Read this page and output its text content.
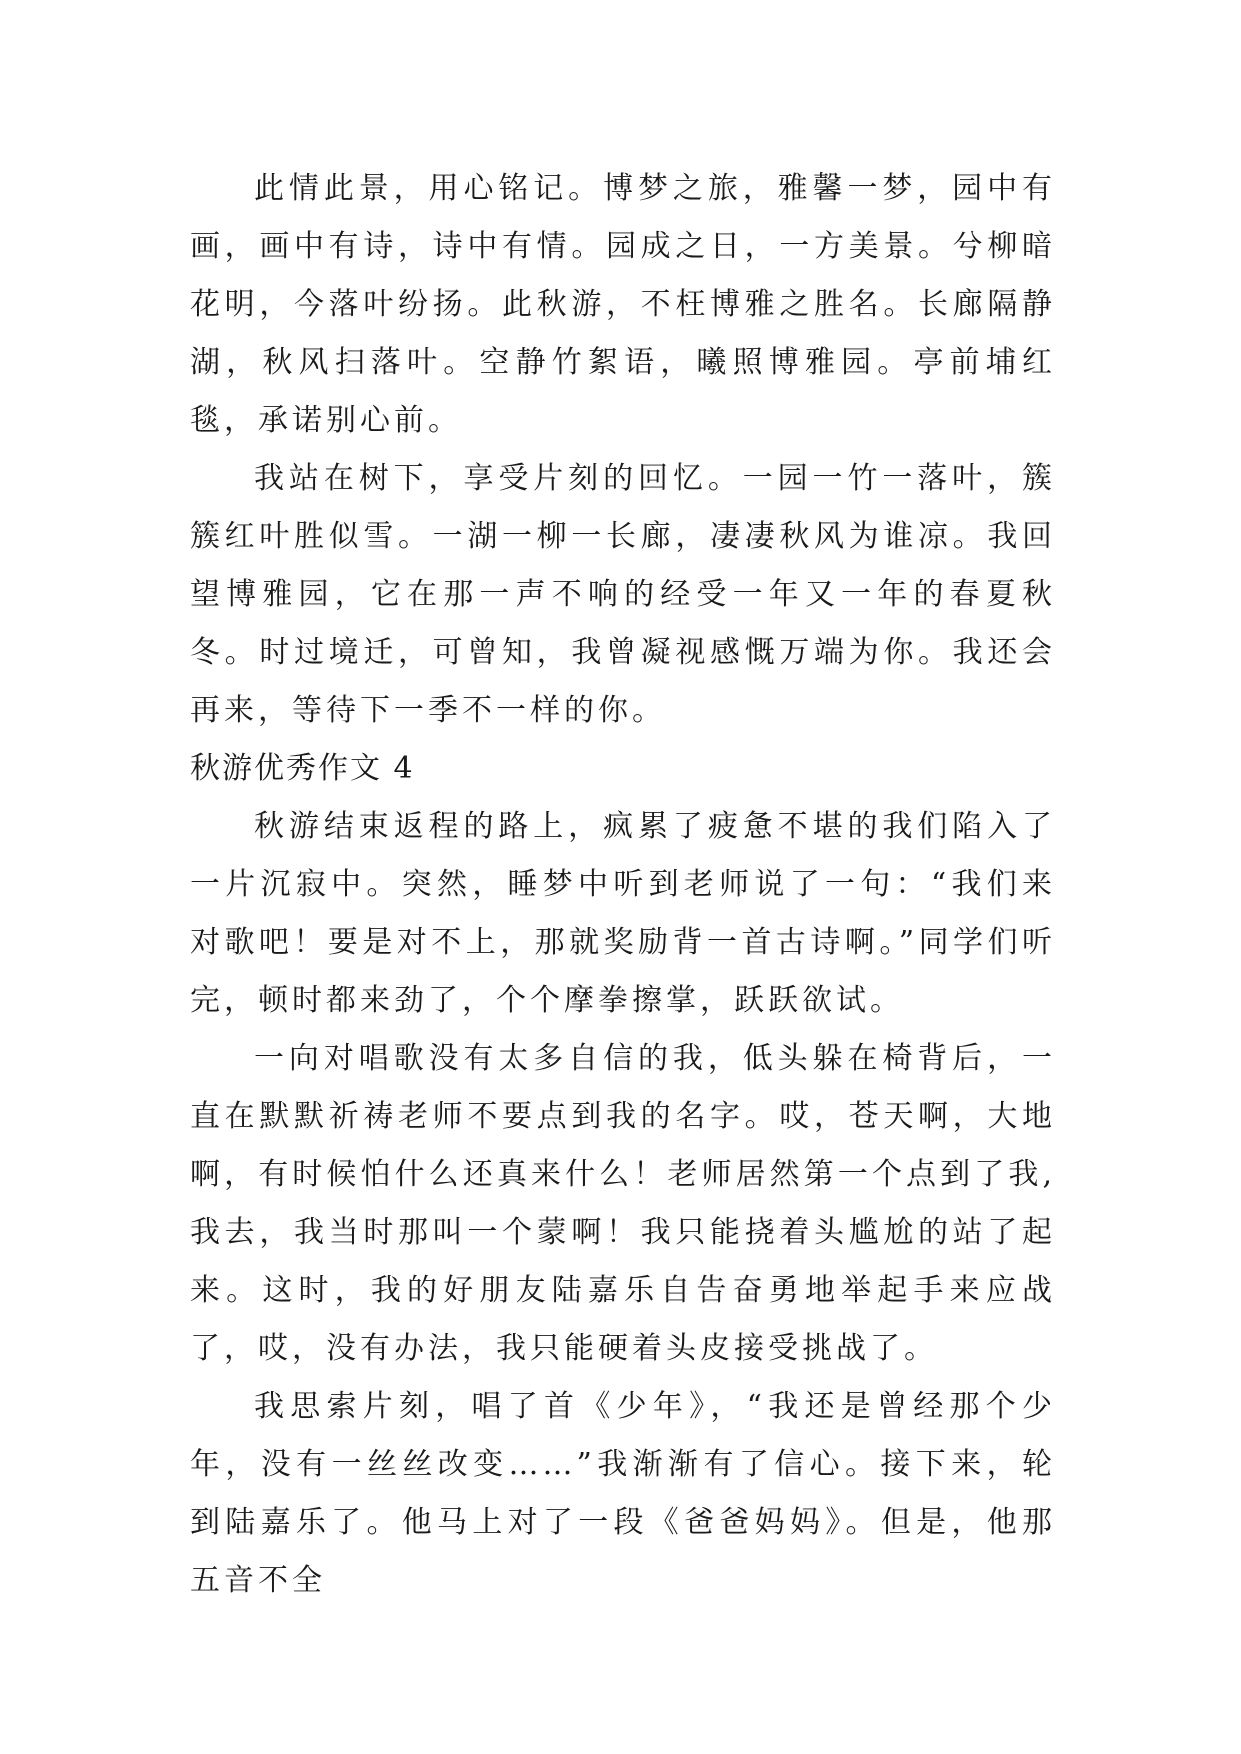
此情此景，用心铭记。博梦之旅，雅馨一梦，园中有画，画中有诗，诗中有情。园成之日，一方美景。兮柳暗花明，今落叶纷扬。此秋游，不枉博雅之胜名。长廊隔静湖，秋风扫落叶。空静竹絮语，曦照博雅园。亭前埔红毯，承诺别心前。

我站在树下，享受片刻的回忆。一园一竹一落叶，簇簇红叶胜似雪。一湖一柳一长廊，凄凄秋风为谁凉。我回望博雅园，它在那一声不响的经受一年又一年的春夏秋冬。时过境迁，可曾知，我曾凝视感慨万端为你。我还会再来，等待下一季不一样的你。

秋游优秀作文 4

秋游结束返程的路上，疯累了疲惫不堪的我们陷入了一片沉寂中。突然，睡梦中听到老师说了一句：“我们来对歌吧！要是对不上，那就奖励背一首古诗啊。”同学们听完，顿时都来劲了，个个摩拳擦掌，跃跃欲试。

一向对唱歌没有太多自信的我，低头躲在椅背后，一直在默默祈祷老师不要点到我的名字。哎，苍天啊，大地啊，有时候怕什么还真来什么！老师居然第一个点到了我,我去，我当时那叫一个蒙啊！我只能挠着头尴尬的站了起来。这时，我的好朋友陆嘉乐自告奋勇地举起手来应战了，哎，没有办法，我只能硬着头皮接受挑战了。

我思索片刻，唱了首《少年》，“我还是曾经那个少年，没有一丝丝改变……”我渐渐有了信心。接下来，轮到陆嘉乐了。他马上对了一段《爸爸妈妈》。但是，他那五音不全
